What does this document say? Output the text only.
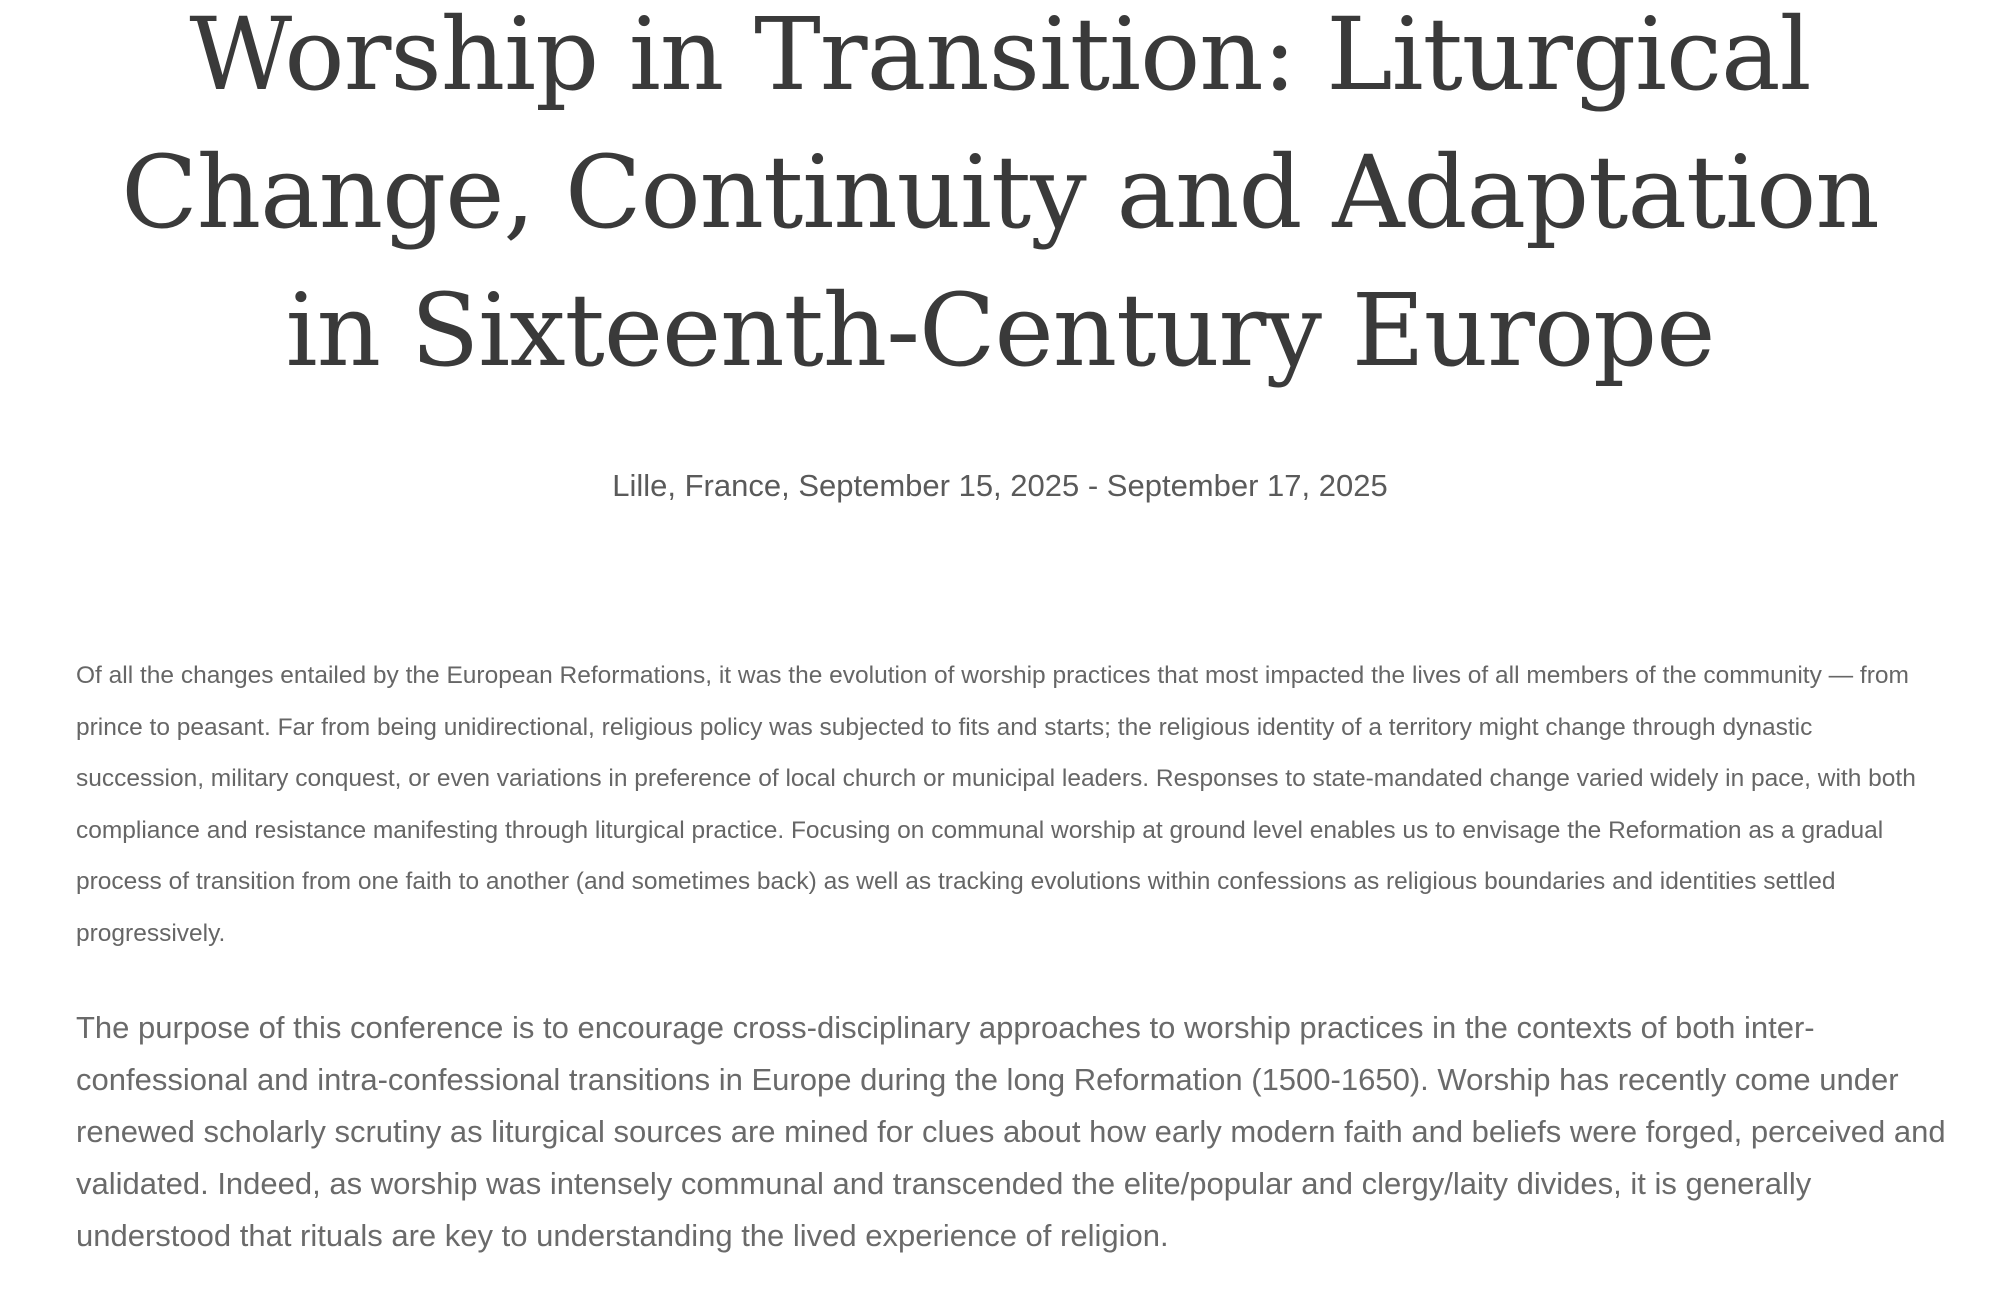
Worship in Transition: Liturgical Change, Continuity and Adaptation in Sixteenth-Century Europe

Lille, France, September 15, 2025 - September 17, 2025

Of all the changes entailed by the European Reformations, it was the evolution of worship practices that most impacted the lives of all members of the community — from prince to peasant. Far from being unidirectional, religious policy was subjected to fits and starts; the religious identity of a territory might change through dynastic succession, military conquest, or even variations in preference of local church or municipal leaders. Responses to state-mandated change varied widely in pace, with both compliance and resistance manifesting through liturgical practice. Focusing on communal worship at ground level enables us to envisage the Reformation as a gradual process of transition from one faith to another (and sometimes back) as well as tracking evolutions within confessions as religious boundaries and identities settled progressively.

The purpose of this conference is to encourage cross-disciplinary approaches to worship practices in the contexts of both inter-confessional and intra-confessional transitions in Europe during the long Reformation (1500-1650). Worship has recently come under renewed scholarly scrutiny as liturgical sources are mined for clues about how early modern faith and beliefs were forged, perceived and validated. Indeed, as worship was intensely communal and transcended the elite/popular and clergy/laity divides, it is generally understood that rituals are key to understanding the lived experience of religion.
